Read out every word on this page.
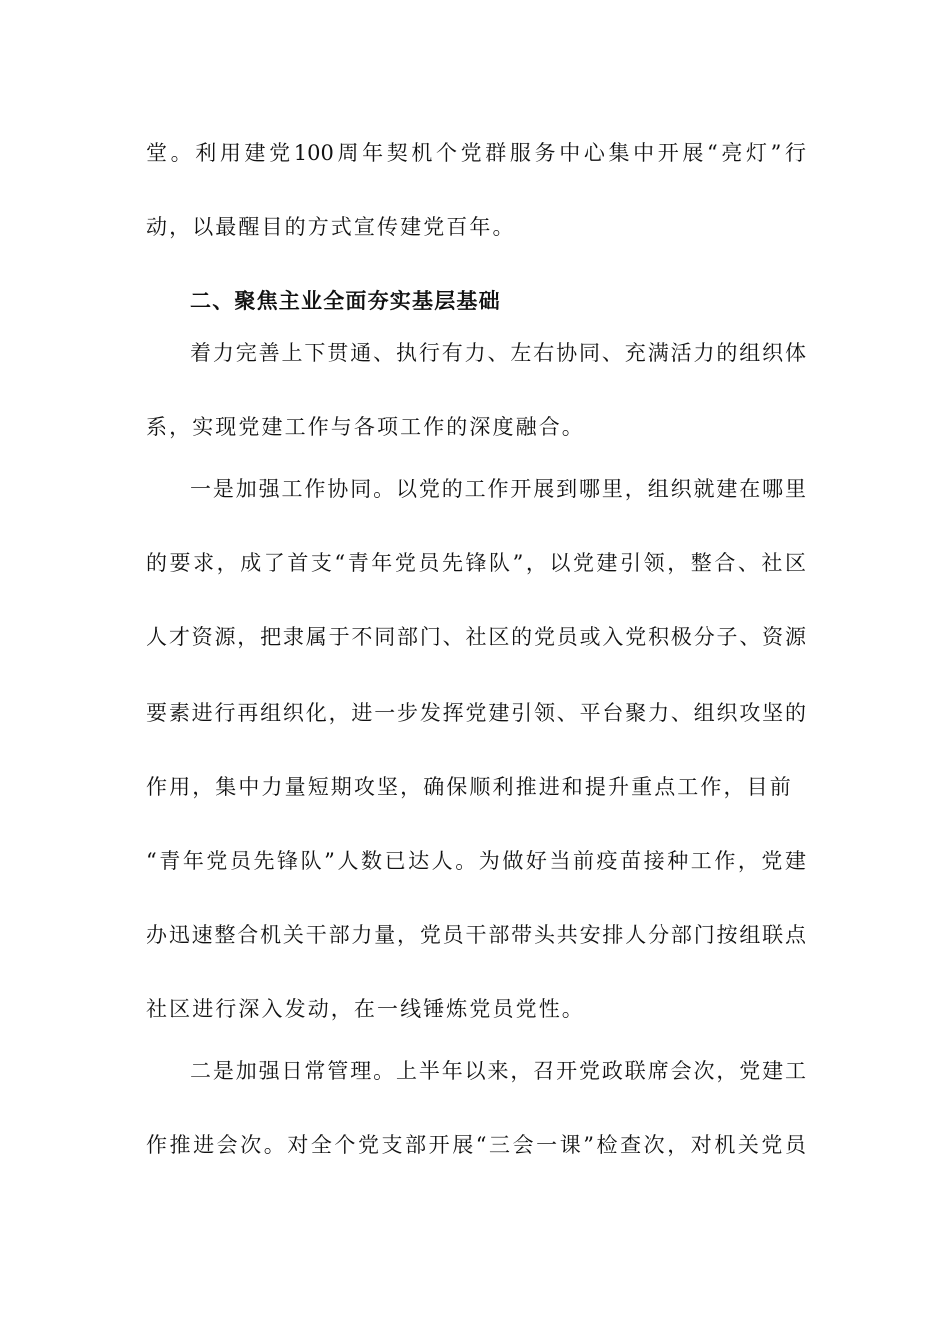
堂。利用建党100周年契机个党群服务中心集中开展“亮灯”行
动，以最醒目的方式宣传建党百年。
二、聚焦主业全面夯实基层基础
着力完善上下贯通、执行有力、左右协同、充满活力的组织体
系，实现党建工作与各项工作的深度融合。
一是加强工作协同。以党的工作开展到哪里，组织就建在哪里
的要求，成了首支“青年党员先锋队”，以党建引领，整合、社区
人才资源，把隶属于不同部门、社区的党员或入党积极分子、资源
要素进行再组织化，进一步发挥党建引领、平台聚力、组织攻坚的
作用，集中力量短期攻坚，确保顺利推进和提升重点工作，目前
“青年党员先锋队”人数已达人。为做好当前疫苗接种工作，党建
办迅速整合机关干部力量，党员干部带头共安排人分部门按组联点
社区进行深入发动，在一线锤炼党员党性。
二是加强日常管理。上半年以来，召开党政联席会次，党建工
作推进会次。对全个党支部开展“三会一课”检查次，对机关党员
